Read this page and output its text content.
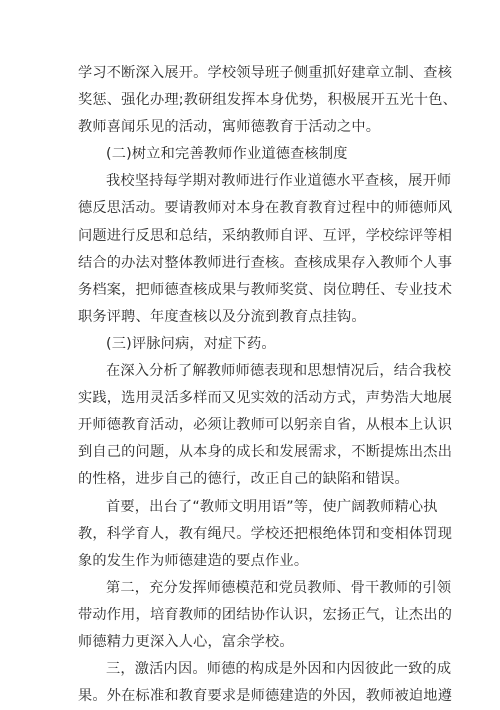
学习不断深入展开。学校领导班子侧重抓好建章立制、查核
奖惩、强化办理;教研组发挥本身优势，积极展开五光十色、
教师喜闻乐见的活动，寓师德教育于活动之中。
(二)树立和完善教师作业道德查核制度
我校坚持每学期对教师进行作业道德水平查核，展开师
德反思活动。要请教师对本身在教育教育过程中的师德师风
问题进行反思和总结，采纳教师自评、互评，学校综评等相
结合的办法对整体教师进行查核。查核成果存入教师个人事
务档案，把师德查核成果与教师奖赏、岗位聘任、专业技术
职务评聘、年度查核以及分流到教育点挂钩。
(三)评脉问病，对症下药。
在深入分析了解教师师德表现和思想情况后，结合我校
实践，选用灵活多样而又见实效的活动方式，声势浩大地展
开师德教育活动，必须让教师可以躬亲自省，从根本上认识
到自己的问题，从本身的成长和发展需求，不断提炼出杰出
的性格，进步自己的德行，改正自己的缺陷和错误。
首要，出台了“教师文明用语”等，使广阔教师精心执
教，科学育人，教有绳尺。学校还把根绝体罚和变相体罚现
象的发生作为师德建造的要点作业。
第二，充分发挥师德模范和党员教师、骨干教师的引领
带动作用，培育教师的团结协作认识，宏扬正气，让杰出的
师德精力更深入人心，富余学校。
三，激活内因。师德的构成是外因和内因彼此一致的成
果。外在标准和教育要求是师德建造的外因，教师被迫地遵
